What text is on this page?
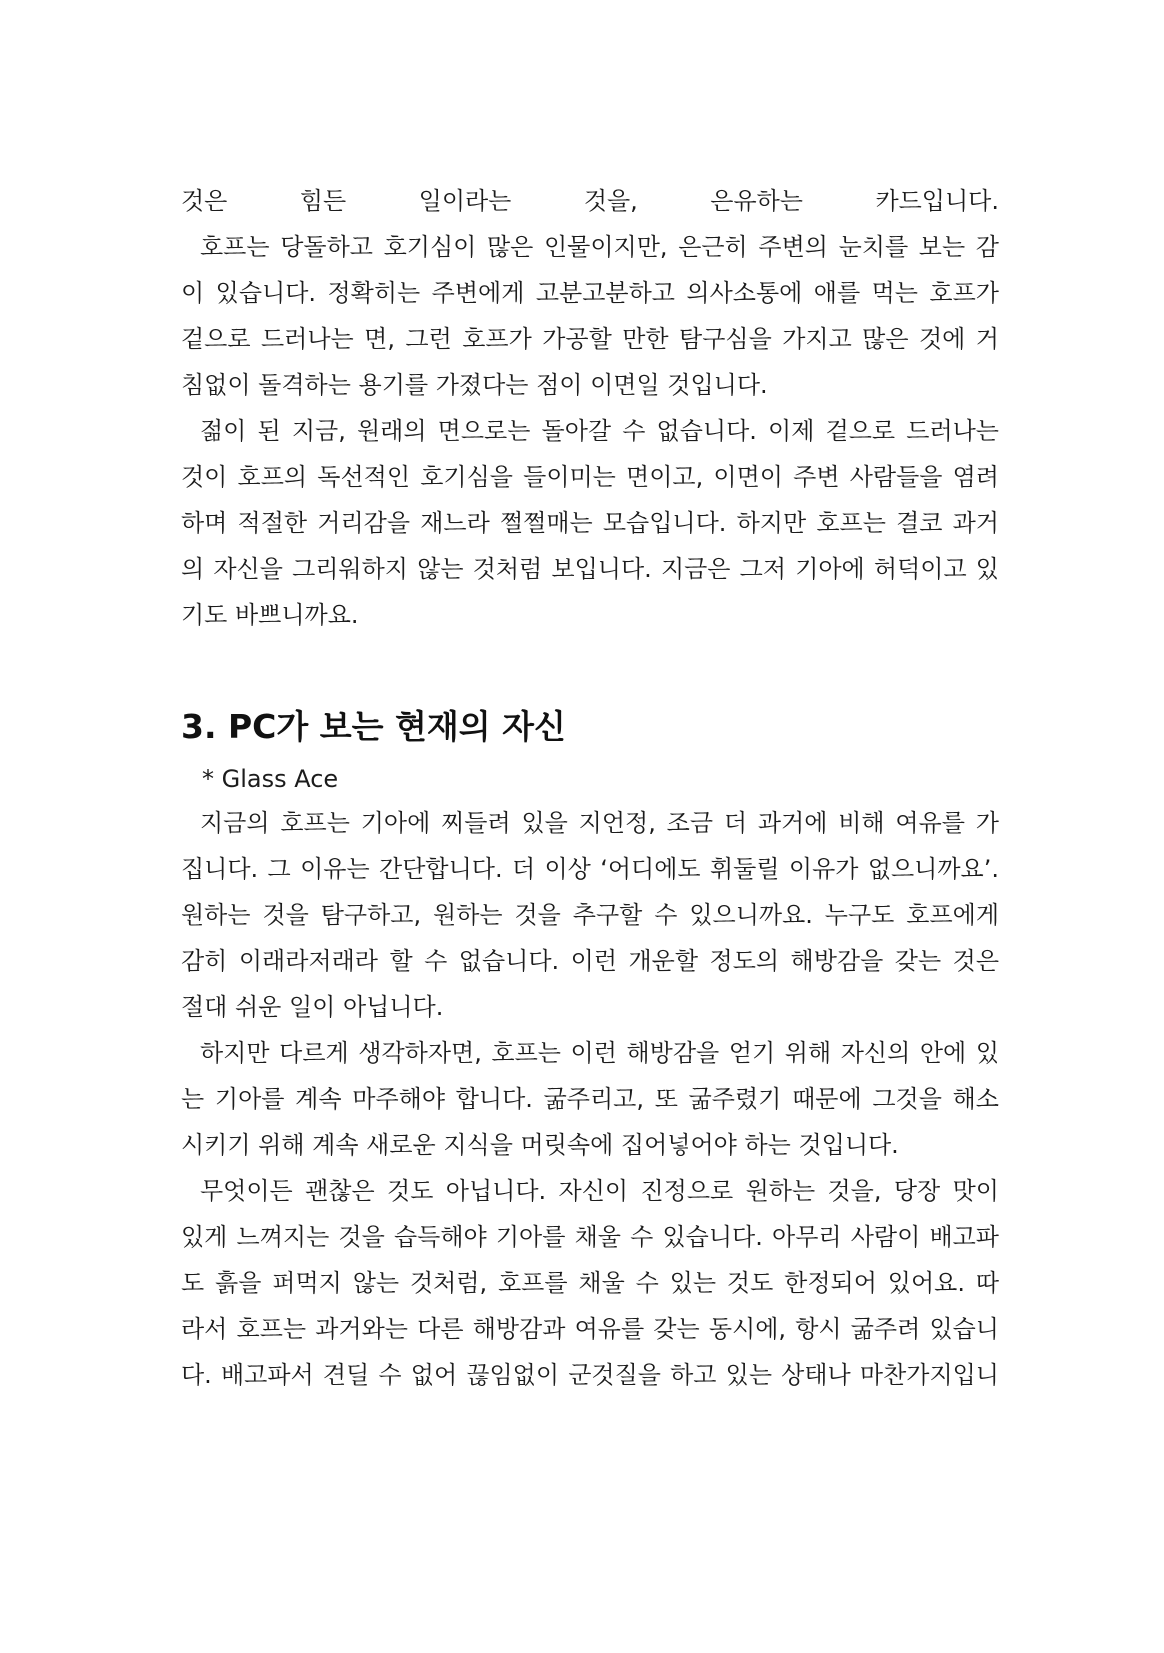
것은 힘든 일이라는 것을, 은유하는 카드입니다.
호프는 당돌하고 호기심이 많은 인물이지만, 은근히 주변의 눈치를 보는 감
이 있습니다. 정확히는 주변에게 고분고분하고 의사소통에 애를 먹는 호프가
겉으로 드러나는 면, 그런 호프가 가공할 만한 탐구심을 가지고 많은 것에 거
침없이 돌격하는 용기를 가졌다는 점이 이면일 것입니다.
젊이 된 지금, 원래의 면으로는 돌아갈 수 없습니다. 이제 겉으로 드러나는
것이 호프의 독선적인 호기심을 들이미는 면이고, 이면이 주변 사람들을 염려
하며 적절한 거리감을 재느라 쩔쩔매는 모습입니다. 하지만 호프는 결코 과거
의 자신을 그리워하지 않는 것처럼 보입니다. 지금은 그저 기아에 허덕이고 있
기도 바쁘니까요.
3. PC가 보는 현재의 자신
* Glass Ace
지금의 호프는 기아에 찌들려 있을 지언정, 조금 더 과거에 비해 여유를 가
집니다. 그 이유는 간단합니다. 더 이상 ‘어디에도 휘둘릴 이유가 없으니까요’.
원하는 것을 탐구하고, 원하는 것을 추구할 수 있으니까요. 누구도 호프에게
감히 이래라저래라 할 수 없습니다. 이런 개운할 정도의 해방감을 갖는 것은
절대 쉬운 일이 아닙니다.
하지만 다르게 생각하자면, 호프는 이런 해방감을 얻기 위해 자신의 안에 있
는 기아를 계속 마주해야 합니다. 굶주리고, 또 굶주렸기 때문에 그것을 해소
시키기 위해 계속 새로운 지식을 머릿속에 집어넣어야 하는 것입니다.
무엇이든 괜찮은 것도 아닙니다. 자신이 진정으로 원하는 것을, 당장 맛이
있게 느껴지는 것을 습득해야 기아를 채울 수 있습니다. 아무리 사람이 배고파
도 흙을 퍼먹지 않는 것처럼, 호프를 채울 수 있는 것도 한정되어 있어요. 따
라서 호프는 과거와는 다른 해방감과 여유를 갖는 동시에, 항시 굶주려 있습니
다. 배고파서 견딜 수 없어 끊임없이 군것질을 하고 있는 상태나 마찬가지입니
